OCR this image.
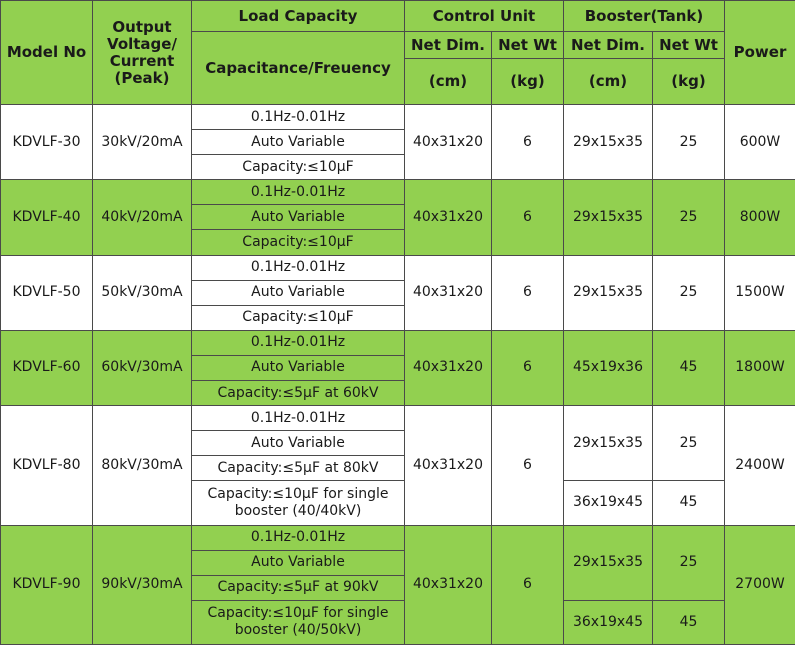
Model No	Output Voltage/ Current (Peak)	Load Capacity	Control Unit		Booster(Tank)		Power
		Capacitance/Freuency	Net Dim.	Net Wt	Net Dim.	Net Wt	
			(cm)	(kg)	(cm)	(kg)	
KDVLF-30	30kV/20mA	0.1Hz-0.01Hz	40x31x20	6	29x15x35	25	600W
		Auto Variable					
		Capacity:≤10μF					
KDVLF-40	40kV/20mA	0.1Hz-0.01Hz	40x31x20	6	29x15x35	25	800W
		Auto Variable					
		Capacity:≤10μF					
KDVLF-50	50kV/30mA	0.1Hz-0.01Hz	40x31x20	6	29x15x35	25	1500W
		Auto Variable					
		Capacity:≤10μF					
KDVLF-60	60kV/30mA	0.1Hz-0.01Hz	40x31x20	6	45x19x36	45	1800W
		Auto Variable					
		Capacity:≤5μF at 60kV					
KDVLF-80	80kV/30mA	0.1Hz-0.01Hz	40x31x20	6	29x15x35	25	2400W
		Auto Variable					
		Capacity:≤5μF at 80kV					
		Capacity:≤10μF for single booster (40/40kV)			36x19x45	45	
KDVLF-90	90kV/30mA	0.1Hz-0.01Hz	40x31x20	6	29x15x35	25	2700W
		Auto Variable					
		Capacity:≤5μF at 90kV					
		Capacity:≤10μF for single booster (40/50kV)			36x19x45	45	
